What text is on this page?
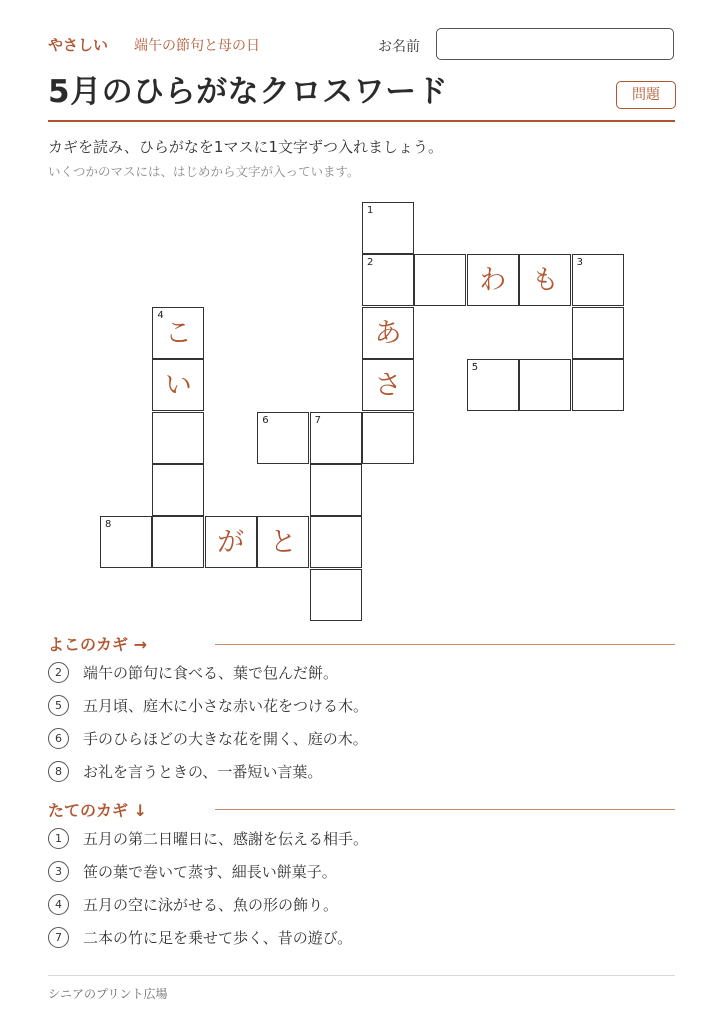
やさしい 端午の節句と母の日	お名前
5月のひらがなクロスワード	問題
カギを読み、ひらがなを1マスに1文字ずつ入れましょう。
いくつかのマスには、はじめから文字が入っています。
1
2
わ も
3
4
こ	あ
い	さ
5
6	7
8
が と
よこのカギ →
2	端午の節句に食べる、葉で包んだ餅。
5	五月頃、庭木に小さな赤い花をつける木。
6	手のひらほどの大きな花を開く、庭の木。
8	お礼を言うときの、一番短い言葉。
たてのカギ ↓
1	五月の第二日曜日に、感謝を伝える相手。
3	笹の葉で巻いて蒸す、細長い餅菓子。
4	五月の空に泳がせる、魚の形の飾り。
7	二本の竹に足を乗せて歩く、昔の遊び。
シニアのプリント広場
